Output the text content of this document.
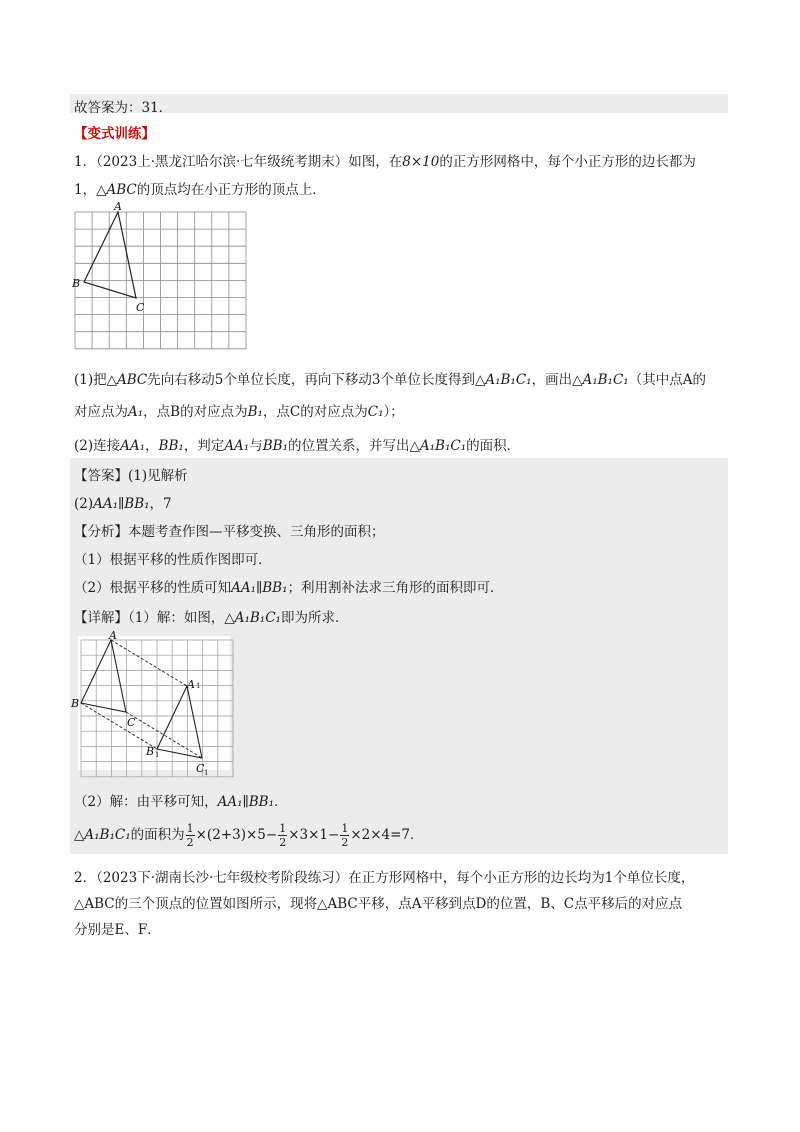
故答案为：31．
【变式训练】
1．（2023上·黑龙江哈尔滨·七年级统考期末）如图，在8×10的正方形网格中，每个小正方形的边长都为
1，△ABC的顶点均在小正方形的顶点上．
A
B
C
(1)把△ABC先向右移动5个单位长度，再向下移动3个单位长度得到△A₁B₁C₁，画出△A₁B₁C₁（其中点A的
对应点为A₁，点B的对应点为B₁，点C的对应点为C₁）；
(2)连接AA₁，BB₁，判定AA₁与BB₁的位置关系，并写出△A₁B₁C₁的面积．
【答案】(1)见解析
(2)AA₁∥BB₁，7
【分析】本题考查作图—平移变换、三角形的面积；
（1）根据平移的性质作图即可．
（2）根据平移的性质可知AA₁∥BB₁；利用割补法求三角形的面积即可．
【详解】（1）解：如图，△A₁B₁C₁即为所求．
A
B
C
A 1
B 1
C 1
（2）解：由平移可知，AA₁∥BB₁．
△A₁B₁C₁的面积为 $\frac{1}{2} \times(2+3)\times 5- \frac{1}{2} \times 3\times 1- \frac{1}{2} \times 2\times 4=7$．
2．（2023下·湖南长沙·七年级校考阶段练习）在正方形网格中，每个小正方形的边长均为1个单位长度，
△ABC的三个顶点的位置如图所示，现将△ABC平移，点A平移到点D的位置，B、C点平移后的对应点
分别是E、F．
